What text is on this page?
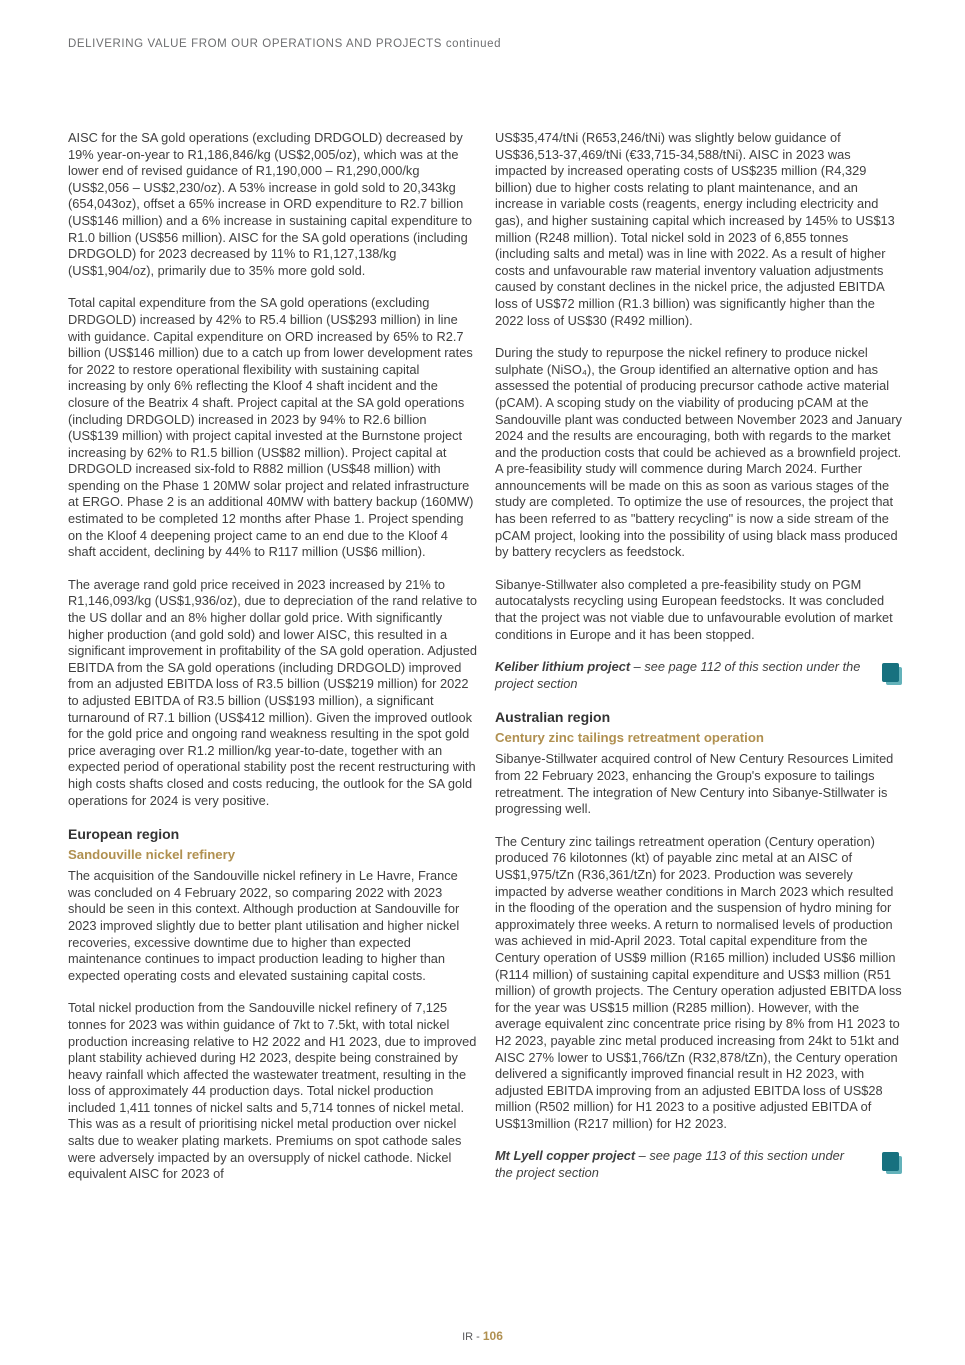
DELIVERING VALUE FROM OUR OPERATIONS AND PROJECTS continued

AISC for the SA gold operations (excluding DRDGOLD) decreased by 19% year-on-year to R1,186,846/kg (US$2,005/oz), which was at the lower end of revised guidance of R1,190,000 – R1,290,000/kg (US$2,056 – US$2,230/oz). A 53% increase in gold sold to 20,343kg (654,043oz), offset a 65% increase in ORD expenditure to R2.7 billion (US$146 million) and a 6% increase in sustaining capital expenditure to R1.0 billion (US$56 million). AISC for the SA gold operations (including DRDGOLD) for 2023 decreased by 11% to R1,127,138/kg (US$1,904/oz), primarily due to 35% more gold sold.

Total capital expenditure from the SA gold operations (excluding DRDGOLD) increased by 42% to R5.4 billion (US$293 million) in line with guidance. Capital expenditure on ORD increased by 65% to R2.7 billion (US$146 million) due to a catch up from lower development rates for 2022 to restore operational flexibility with sustaining capital increasing by only 6% reflecting the Kloof 4 shaft incident and the closure of the Beatrix 4 shaft. Project capital at the SA gold operations (including DRDGOLD) increased in 2023 by 94% to R2.6 billion (US$139 million) with project capital invested at the Burnstone project increasing by 62% to R1.5 billion (US$82 million). Project capital at DRDGOLD increased six-fold to R882 million (US$48 million) with spending on the Phase 1 20MW solar project and related infrastructure at ERGO. Phase 2 is an additional 40MW with battery backup (160MW) estimated to be completed 12 months after Phase 1. Project spending on the Kloof 4 deepening project came to an end due to the Kloof 4 shaft accident, declining by 44% to R117 million (US$6 million).

The average rand gold price received in 2023 increased by 21% to R1,146,093/kg (US$1,936/oz), due to depreciation of the rand relative to the US dollar and an 8% higher dollar gold price. With significantly higher production (and gold sold) and lower AISC, this resulted in a significant improvement in profitability of the SA gold operation. Adjusted EBITDA from the SA gold operations (including DRDGOLD) improved from an adjusted EBITDA loss of R3.5 billion (US$219 million) for 2022 to adjusted EBITDA of R3.5 billion (US$193 million), a significant turnaround of R7.1 billion (US$412 million). Given the improved outlook for the gold price and ongoing rand weakness resulting in the spot gold price averaging over R1.2 million/kg year-to-date, together with an expected period of operational stability post the recent restructuring with high costs shafts closed and costs reducing, the outlook for the SA gold operations for 2024 is very positive.

European region
Sandouville nickel refinery

The acquisition of the Sandouville nickel refinery in Le Havre, France was concluded on 4 February 2022, so comparing 2022 with 2023 should be seen in this context. Although production at Sandouville for 2023 improved slightly due to better plant utilisation and higher nickel recoveries, excessive downtime due to higher than expected maintenance continues to impact production leading to higher than expected operating costs and elevated sustaining capital costs.

Total nickel production from the Sandouville nickel refinery of 7,125 tonnes for 2023 was within guidance of 7kt to 7.5kt, with total nickel production increasing relative to H2 2022 and H1 2023, due to improved plant stability achieved during H2 2023, despite being constrained by heavy rainfall which affected the wastewater treatment, resulting in the loss of approximately 44 production days. Total nickel production included 1,411 tonnes of nickel salts and 5,714 tonnes of nickel metal. This was as a result of prioritising nickel metal production over nickel salts due to weaker plating markets. Premiums on spot cathode sales were adversely impacted by an oversupply of nickel cathode. Nickel equivalent AISC for 2023 of

US$35,474/tNi (R653,246/tNi) was slightly below guidance of US$36,513-37,469/tNi (€33,715-34,588/tNi). AISC in 2023 was impacted by increased operating costs of US$235 million (R4,329 billion) due to higher costs relating to plant maintenance, and an increase in variable costs (reagents, energy including electricity and gas), and higher sustaining capital which increased by 145% to US$13 million (R248 million). Total nickel sold in 2023 of 6,855 tonnes (including salts and metal) was in line with 2022. As a result of higher costs and unfavourable raw material inventory valuation adjustments caused by constant declines in the nickel price, the adjusted EBITDA loss of US$72 million (R1.3 billion) was significantly higher than the 2022 loss of US$30 (R492 million).

During the study to repurpose the nickel refinery to produce nickel sulphate (NiSO₄), the Group identified an alternative option and has assessed the potential of producing precursor cathode active material (pCAM). A scoping study on the viability of producing pCAM at the Sandouville plant was conducted between November 2023 and January 2024 and the results are encouraging, both with regards to the market and the production costs that could be achieved as a brownfield project. A pre-feasibility study will commence during March 2024. Further announcements will be made on this as soon as various stages of the study are completed. To optimize the use of resources, the project that has been referred to as "battery recycling" is now a side stream of the pCAM project, looking into the possibility of using black mass produced by battery recyclers as feedstock.

Sibanye-Stillwater also completed a pre-feasibility study on PGM autocatalysts recycling using European feedstocks. It was concluded that the project was not viable due to unfavourable evolution of market conditions in Europe and it has been stopped.

Keliber lithium project – see page 112 of this section under the project section
Australian region
Century zinc tailings retreatment operation

Sibanye-Stillwater acquired control of New Century Resources Limited from 22 February 2023, enhancing the Group's exposure to tailings retreatment. The integration of New Century into Sibanye-Stillwater is progressing well.

The Century zinc tailings retreatment operation (Century operation) produced 76 kilotonnes (kt) of payable zinc metal at an AISC of US$1,975/tZn (R36,361/tZn) for 2023. Production was severely impacted by adverse weather conditions in March 2023 which resulted in the flooding of the operation and the suspension of hydro mining for approximately three weeks. A return to normalised levels of production was achieved in mid-April 2023. Total capital expenditure from the Century operation of US$9 million (R165 million) included US$6 million (R114 million) of sustaining capital expenditure and US$3 million (R51 million) of growth projects. The Century operation adjusted EBITDA loss for the year was US$15 million (R285 million). However, with the average equivalent zinc concentrate price rising by 8% from H1 2023 to H2 2023, payable zinc metal produced increasing from 24kt to 51kt and AISC 27% lower to US$1,766/tZn (R32,878/tZn), the Century operation delivered a significantly improved financial result in H2 2023, with adjusted EBITDA improving from an adjusted EBITDA loss of US$28 million (R502 million) for H1 2023 to a positive adjusted EBITDA of US$13million (R217 million) for H2 2023.

Mt Lyell copper project – see page 113 of this section under the project section
IR - 106
